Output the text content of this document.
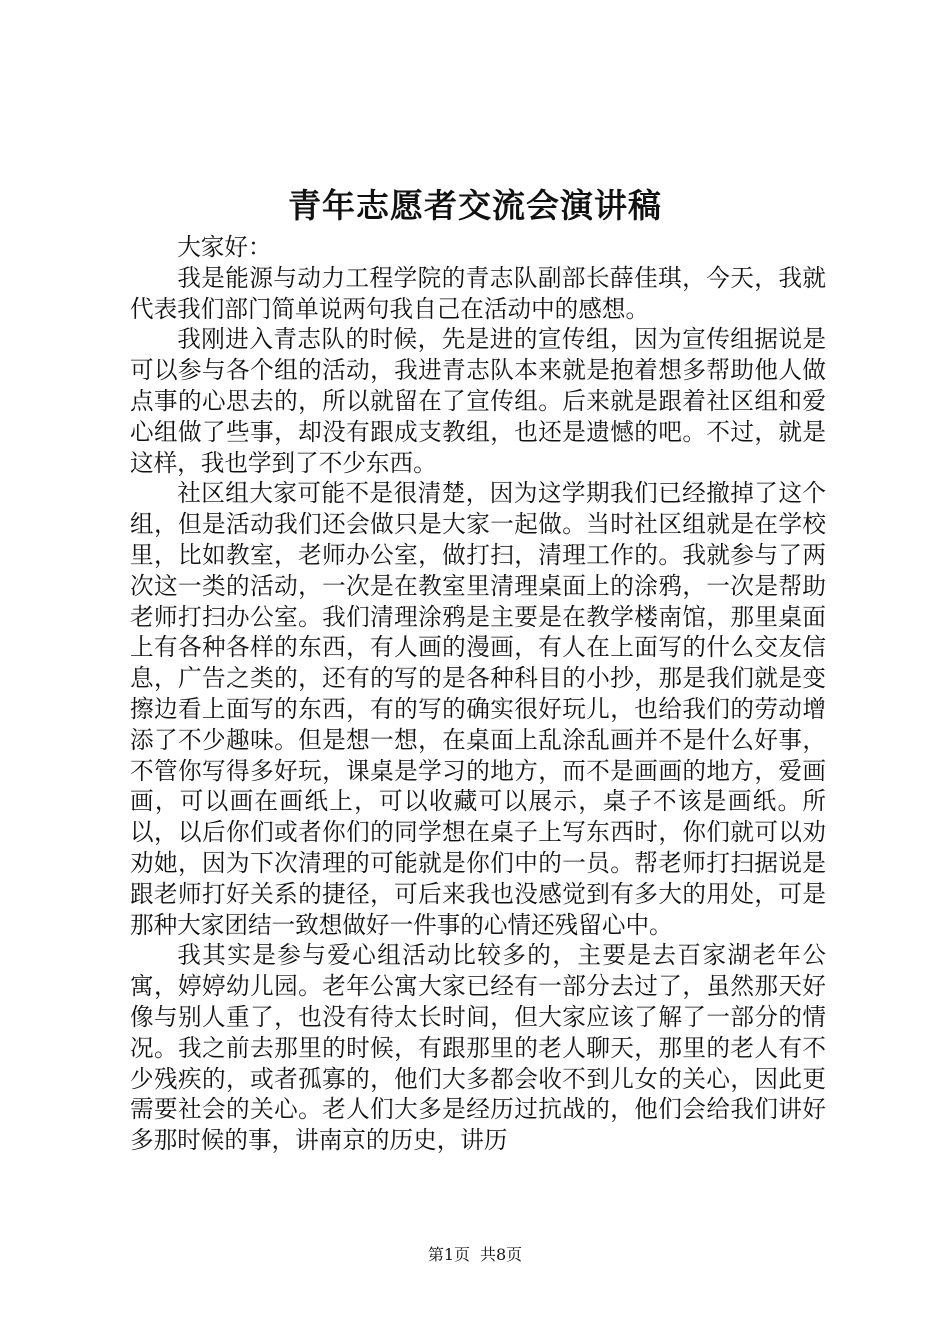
青年志愿者交流会演讲稿

大家好：

我是能源与动力工程学院的青志队副部长薛佳琪，今天，我就代表我们部门简单说两句我自己在活动中的感想。

我刚进入青志队的时候，先是进的宣传组，因为宣传组据说是可以参与各个组的活动，我进青志队本来就是抱着想多帮助他人做点事的心思去的，所以就留在了宣传组。后来就是跟着社区组和爱心组做了些事，却没有跟成支教组，也还是遗憾的吧。不过，就是这样，我也学到了不少东西。

社区组大家可能不是很清楚，因为这学期我们已经撤掉了这个组，但是活动我们还会做只是大家一起做。当时社区组就是在学校里，比如教室，老师办公室，做打扫，清理工作的。我就参与了两次这一类的活动，一次是在教室里清理桌面上的涂鸦，一次是帮助老师打扫办公室。我们清理涂鸦是主要是在教学楼南馆，那里桌面上有各种各样的东西，有人画的漫画，有人在上面写的什么交友信息，广告之类的，还有的写的是各种科目的小抄，那是我们就是变擦边看上面写的东西，有的写的确实很好玩儿，也给我们的劳动增添了不少趣味。但是想一想，在桌面上乱涂乱画并不是什么好事，不管你写得多好玩，课桌是学习的地方，而不是画画的地方，爱画画，可以画在画纸上，可以收藏可以展示，桌子不该是画纸。所以，以后你们或者你们的同学想在桌子上写东西时，你们就可以劝劝她，因为下次清理的可能就是你们中的一员。帮老师打扫据说是跟老师打好关系的捷径，可后来我也没感觉到有多大的用处，可是那种大家团结一致想做好一件事的心情还残留心中。

我其实是参与爱心组活动比较多的，主要是去百家湖老年公寓，婷婷幼儿园。老年公寓大家已经有一部分去过了，虽然那天好像与别人重了，也没有待太长时间，但大家应该了解了一部分的情况。我之前去那里的时候，有跟那里的老人聊天，那里的老人有不少残疾的，或者孤寡的，他们大多都会收不到儿女的关心，因此更需要社会的关心。老人们大多是经历过抗战的，他们会给我们讲好多那时候的事，讲南京的历史，讲历

第1页 共8页
